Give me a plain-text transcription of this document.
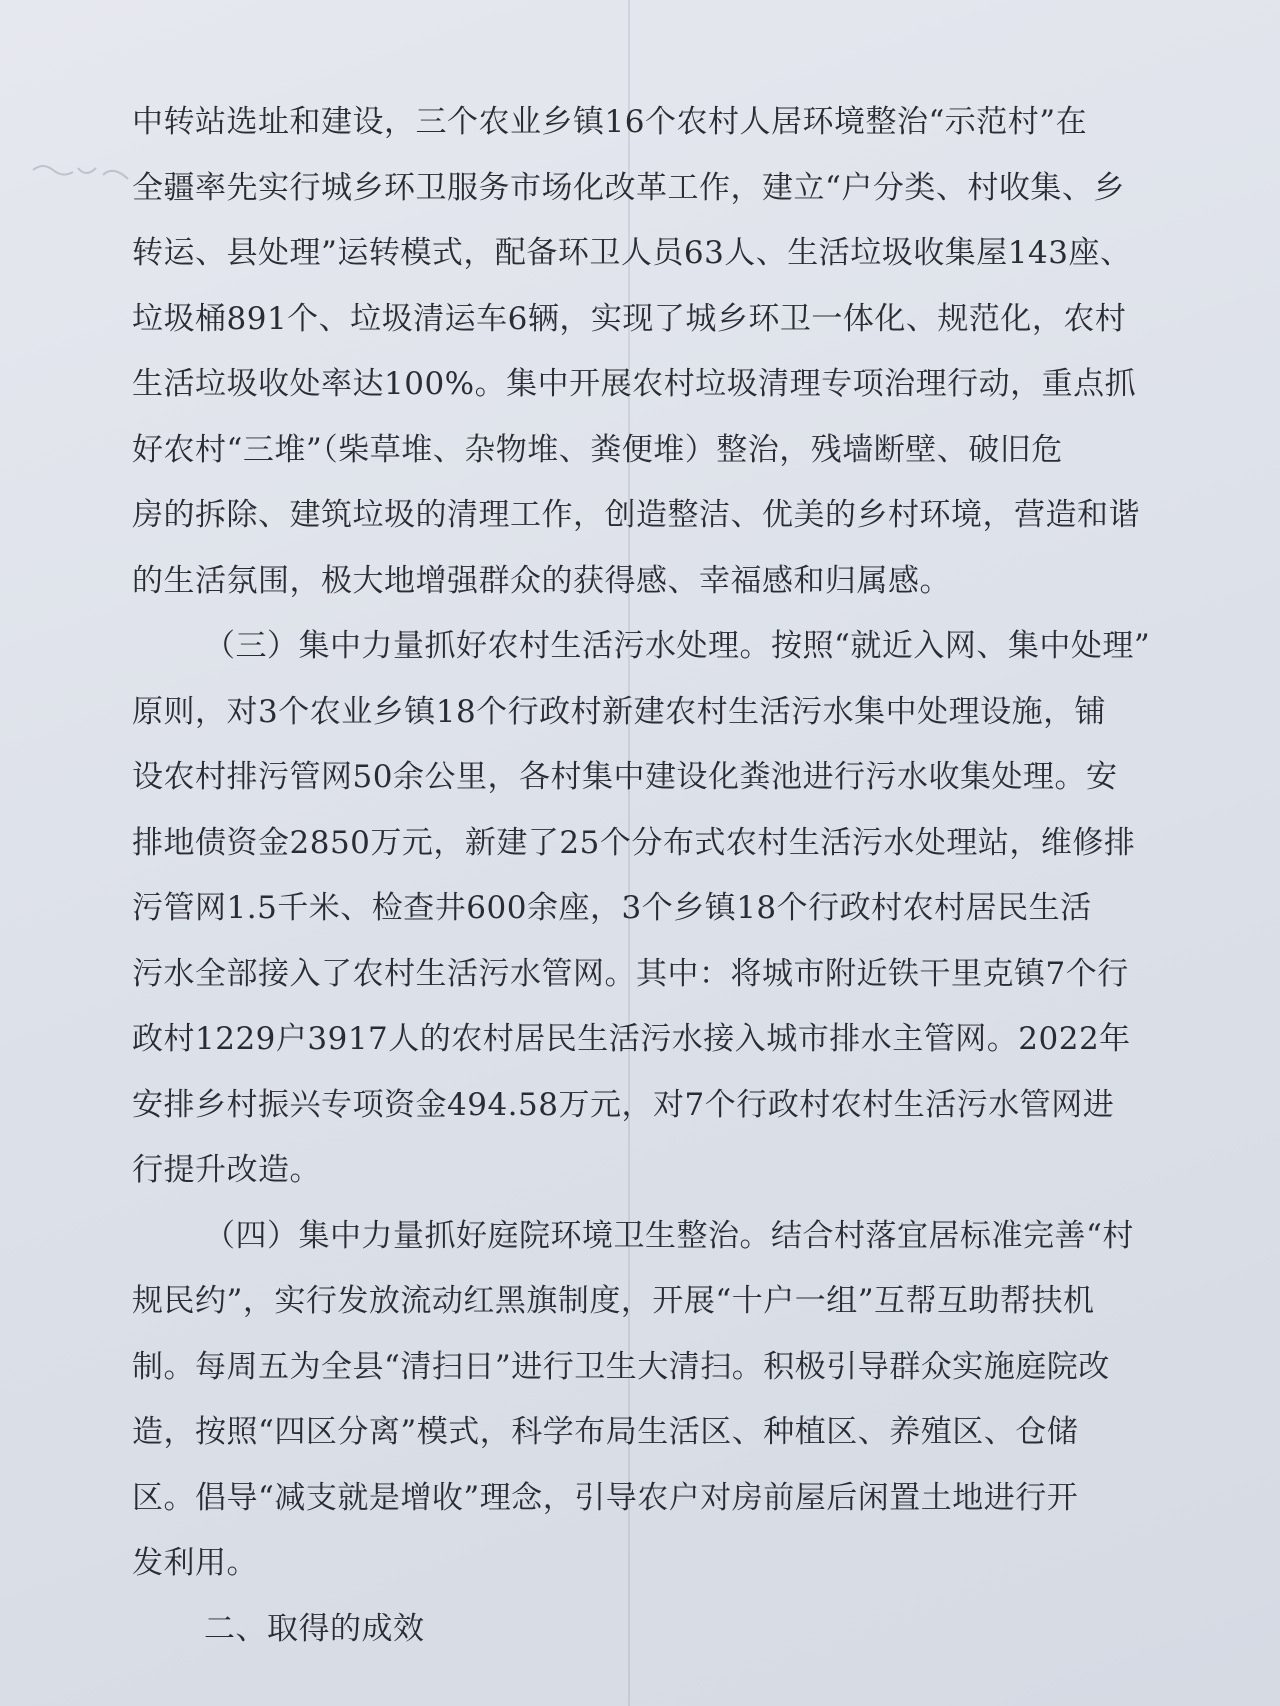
中转站选址和建设，三个农业乡镇16个农村人居环境整治“示范村”在
全疆率先实行城乡环卫服务市场化改革工作，建立“户分类、村收集、乡
转运、县处理”运转模式，配备环卫人员63人、生活垃圾收集屋143座、
垃圾桶891个、垃圾清运车6辆，实现了城乡环卫一体化、规范化，农村
生活垃圾收处率达100%。集中开展农村垃圾清理专项治理行动，重点抓
好农村“三堆”（柴草堆、杂物堆、粪便堆）整治，残墙断壁、破旧危
房的拆除、建筑垃圾的清理工作，创造整洁、优美的乡村环境，营造和谐
的生活氛围，极大地增强群众的获得感、幸福感和归属感。
（三）集中力量抓好农村生活污水处理。按照“就近入网、集中处理”
原则，对3个农业乡镇18个行政村新建农村生活污水集中处理设施，铺
设农村排污管网50余公里，各村集中建设化粪池进行污水收集处理。安
排地债资金2850万元，新建了25个分布式农村生活污水处理站，维修排
污管网1.5千米、检查井600余座，3个乡镇18个行政村农村居民生活
污水全部接入了农村生活污水管网。其中：将城市附近铁干里克镇7个行
政村1229户3917人的农村居民生活污水接入城市排水主管网。2022年
安排乡村振兴专项资金494.58万元，对7个行政村农村生活污水管网进
行提升改造。
（四）集中力量抓好庭院环境卫生整治。结合村落宜居标准完善“村
规民约”，实行发放流动红黑旗制度，开展“十户一组”互帮互助帮扶机
制。每周五为全县“清扫日”进行卫生大清扫。积极引导群众实施庭院改
造，按照“四区分离”模式，科学布局生活区、种植区、养殖区、仓储
区。倡导“减支就是增收”理念，引导农户对房前屋后闲置土地进行开
发利用。
二、取得的成效
